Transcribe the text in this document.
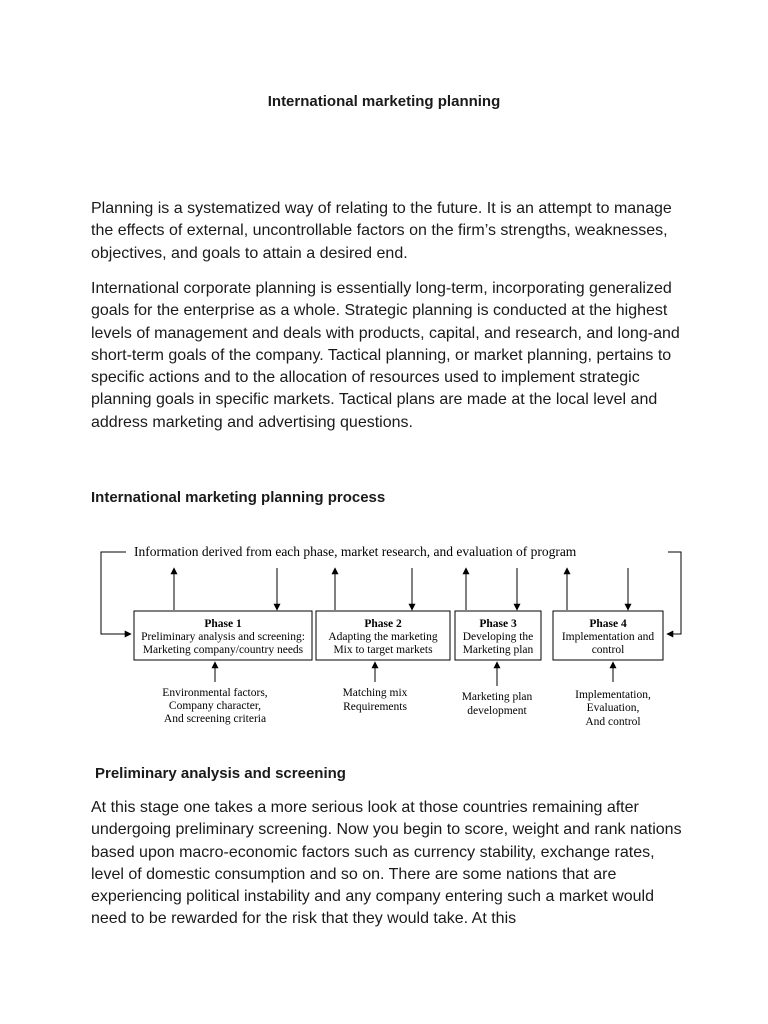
International marketing planning

Planning is a systematized way of relating to the future. It is an attempt to manage the effects of external, uncontrollable factors on the firm’s strengths, weaknesses, objectives, and goals to attain a desired end.

International corporate planning is essentially long-term, incorporating generalized goals for the enterprise as a whole. Strategic planning is conducted at the highest levels of management and deals with products, capital, and research, and long-and short-term goals of the company. Tactical planning, or market planning, pertains to specific actions and to the allocation of resources used to implement strategic planning goals in specific markets. Tactical plans are made at the local level and address marketing and advertising questions.

International marketing planning process
Information derived from each phase, market research, and evaluation of program
Phase 1
Preliminary analysis and screening:
Marketing company/country needs
Phase 2
Adapting the marketing
Mix to target markets
Phase 3
Developing the
Marketing plan
Phase 4
Implementation and
control
Environmental factors,
Company character,
And screening criteria
Matching mix
Requirements
Marketing plan
development
Implementation,
Evaluation,
And control
Preliminary analysis and screening

At this stage one takes a more serious look at those countries remaining after undergoing preliminary screening. Now you begin to score, weight and rank nations based upon macro-economic factors such as currency stability, exchange rates, level of domestic consumption and so on. There are some nations that are experiencing political instability and any company entering such a market would need to be rewarded for the risk that they would take. At this
